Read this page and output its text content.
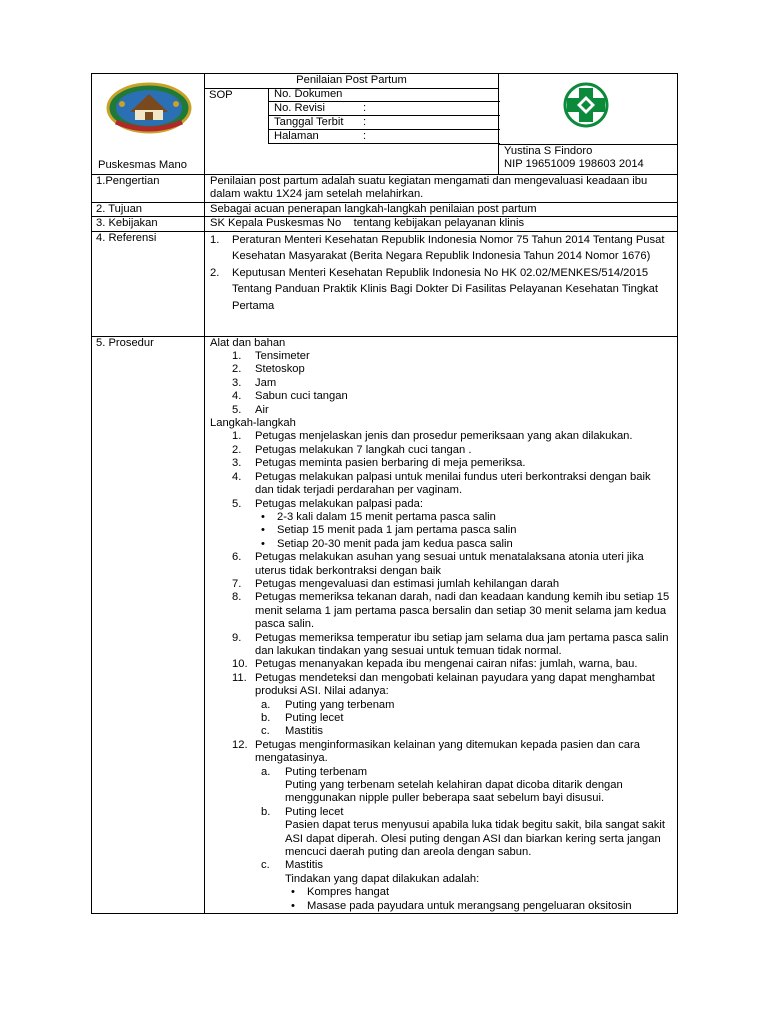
Puskesmas Mano
Penilaian Post Partum
SOP	No. Dokumen
No. Revisi	:
Tanggal Terbit :
Halaman	:
Yustina S Findoro
NIP 19651009 198603 2014
1.Pengertian	Penilaian post partum adalah suatu kegiatan mengamati dan mengevaluasi keadaan ibu dalam waktu 1X24 jam setelah melahirkan.
2. Tujuan	Sebagai acuan penerapan langkah-langkah penilaian post partum
3. Kebijakan	SK Kepala Puskesmas No    tentang kebijakan pelayanan klinis
4. Referensi	1.	Peraturan Menteri Kesehatan Republik Indonesia Nomor 75 Tahun 2014 Tentang Pusat Kesehatan Masyarakat (Berita Negara Republik Indonesia Tahun 2014 Nomor 1676)
2.	Keputusan Menteri Kesehatan Republik Indonesia No HK 02.02/MENKES/514/2015 Tentang Panduan Praktik Klinis Bagi Dokter Di Fasilitas Pelayanan Kesehatan Tingkat Pertama
5. Prosedur	Alat dan bahan
1.	Tensimeter
2.	Stetoskop
3.	Jam
4.	Sabun cuci tangan
5.	Air
Langkah-langkah
1.	Petugas menjelaskan jenis dan prosedur pemeriksaan yang akan dilakukan.
2.	Petugas melakukan 7 langkah cuci tangan .
3.	Petugas meminta pasien berbaring di meja pemeriksa.
4.	Petugas melakukan palpasi untuk menilai fundus uteri berkontraksi dengan baik dan tidak terjadi perdarahan per vaginam.
5.	Petugas melakukan palpasi pada:
•	2-3 kali dalam 15 menit pertama pasca salin
•	Setiap 15 menit pada 1 jam pertama pasca salin
•	Setiap 20-30 menit pada jam kedua pasca salin
6.	Petugas melakukan asuhan yang sesuai untuk menatalaksana atonia uteri jika uterus tidak berkontraksi dengan baik
7.	Petugas mengevaluasi dan estimasi jumlah kehilangan darah
8.	Petugas memeriksa tekanan darah, nadi dan keadaan kandung kemih ibu setiap 15 menit selama 1 jam pertama pasca bersalin dan setiap 30 menit selama jam kedua pasca salin.
9.	Petugas memeriksa temperatur ibu setiap jam selama dua jam pertama pasca salin dan lakukan tindakan yang sesuai untuk temuan tidak normal.
10. Petugas menanyakan kepada ibu mengenai cairan nifas: jumlah, warna, bau.
11. Petugas mendeteksi dan mengobati kelainan payudara yang dapat menghambat produksi ASI. Nilai adanya:
a.	Puting yang terbenam
b.	Puting lecet
c.	Mastitis
12. Petugas menginformasikan kelainan yang ditemukan kepada pasien dan cara mengatasinya.
a.	Puting terbenam
Puting yang terbenam setelah kelahiran dapat dicoba ditarik dengan menggunakan nipple puller beberapa saat sebelum bayi disusui.
b.	Puting lecet
Pasien dapat terus menyusui apabila luka tidak begitu sakit, bila sangat sakit ASI dapat diperah. Olesi puting dengan ASI dan biarkan kering serta jangan mencuci daerah puting dan areola dengan sabun.
c.	Mastitis
Tindakan yang dapat dilakukan adalah:
•	Kompres hangat
•	Masase pada payudara untuk merangsang pengeluaran oksitosin
